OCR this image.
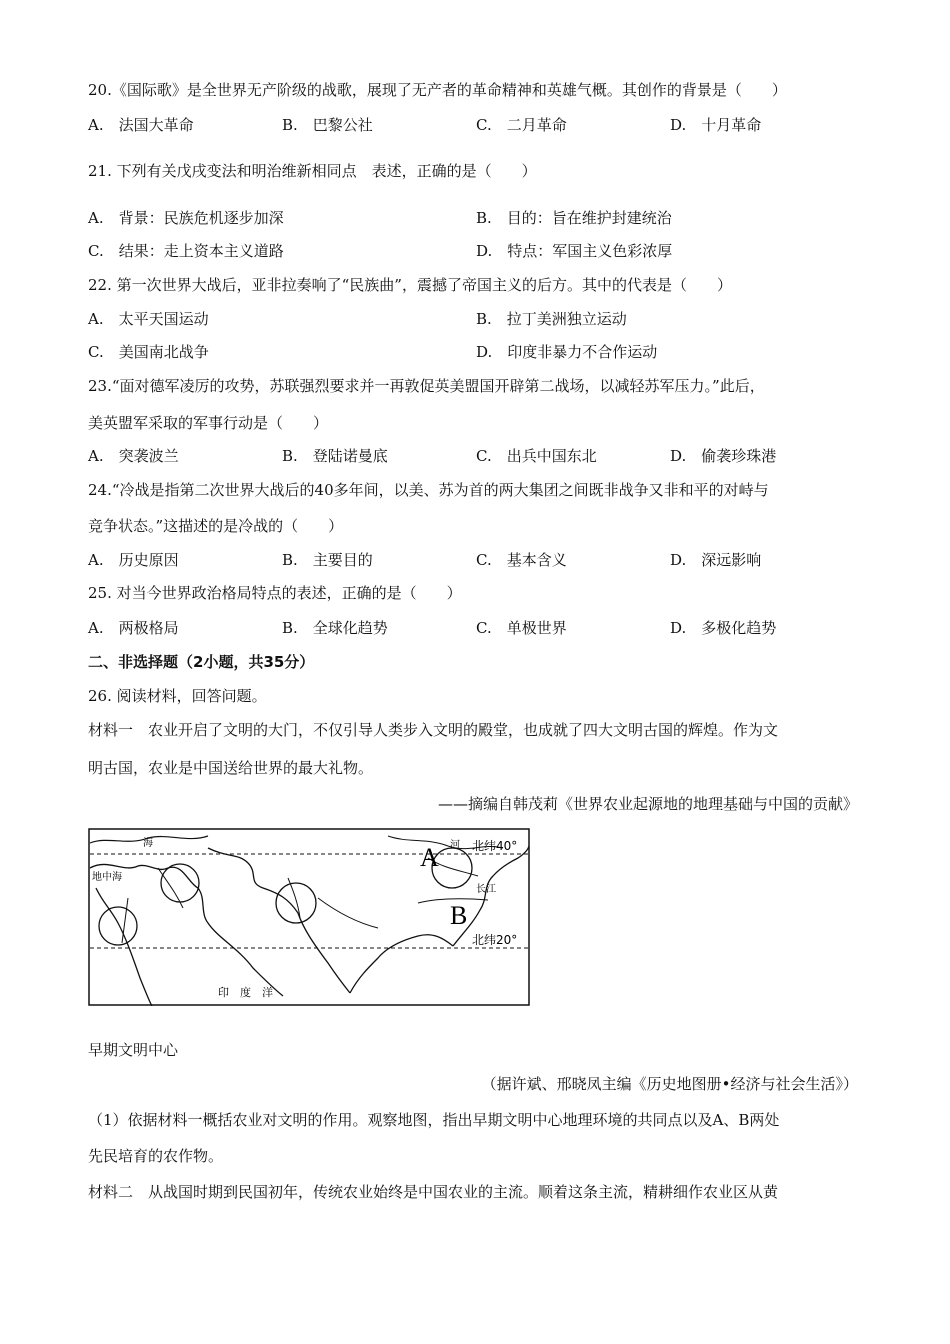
20.《国际歌》是全世界无产阶级的战歌，展现了无产者的革命精神和英雄气概。其创作的背景是（　　）
A.　法国大革命	B.　巴黎公社	C.　二月革命	D.　十月革命
21. 下列有关戊戌变法和明治维新相同点　表述，正确的是（　　）
A.　背景：民族危机逐步加深	B.　目的：旨在维护封建统治
C.　结果：走上资本主义道路	D.　特点：军国主义色彩浓厚
22. 第一次世界大战后，亚非拉奏响了“民族曲”，震撼了帝国主义的后方。其中的代表是（　　）
A.　太平天国运动	B.　拉丁美洲独立运动
C.　美国南北战争	D.　印度非暴力不合作运动
23.“面对德军凌厉的攻势，苏联强烈要求并一再敦促英美盟国开辟第二战场，以减轻苏军压力。”此后，
美英盟军采取的军事行动是（　　）
A.　突袭波兰	B.　登陆诺曼底	C.　出兵中国东北	D.　偷袭珍珠港
24.“冷战是指第二次世界大战后的40多年间，以美、苏为首的两大集团之间既非战争又非和平的对峙与
竞争状态。”这描述的是冷战的（　　）
A.　历史原因	B.　主要目的	C.　基本含义	D.　深远影响
25. 对当今世界政治格局特点的表述，正确的是（　　）
A.　两极格局	B.　全球化趋势	C.　单极世界	D.　多极化趋势
二、非选择题（2小题，共35分）
26. 阅读材料，回答问题。
材料一　农业开启了文明的大门，不仅引导人类步入文明的殿堂，也成就了四大文明古国的辉煌。作为文
明古国，农业是中国送给世界的最大礼物。
——摘编自韩茂莉《世界农业起源地的地理基础与中国的贡献》
A
B
北纬40°
北纬20°
海
地中海
河
长江
印　度　洋
早期文明中心
（据许斌、邢晓凤主编《历史地图册•经济与社会生活》）
（1）依据材料一概括农业对文明的作用。观察地图，指出早期文明中心地理环境的共同点以及A、B两处
先民培育的农作物。
材料二　从战国时期到民国初年，传统农业始终是中国农业的主流。顺着这条主流，精耕细作农业区从黄
